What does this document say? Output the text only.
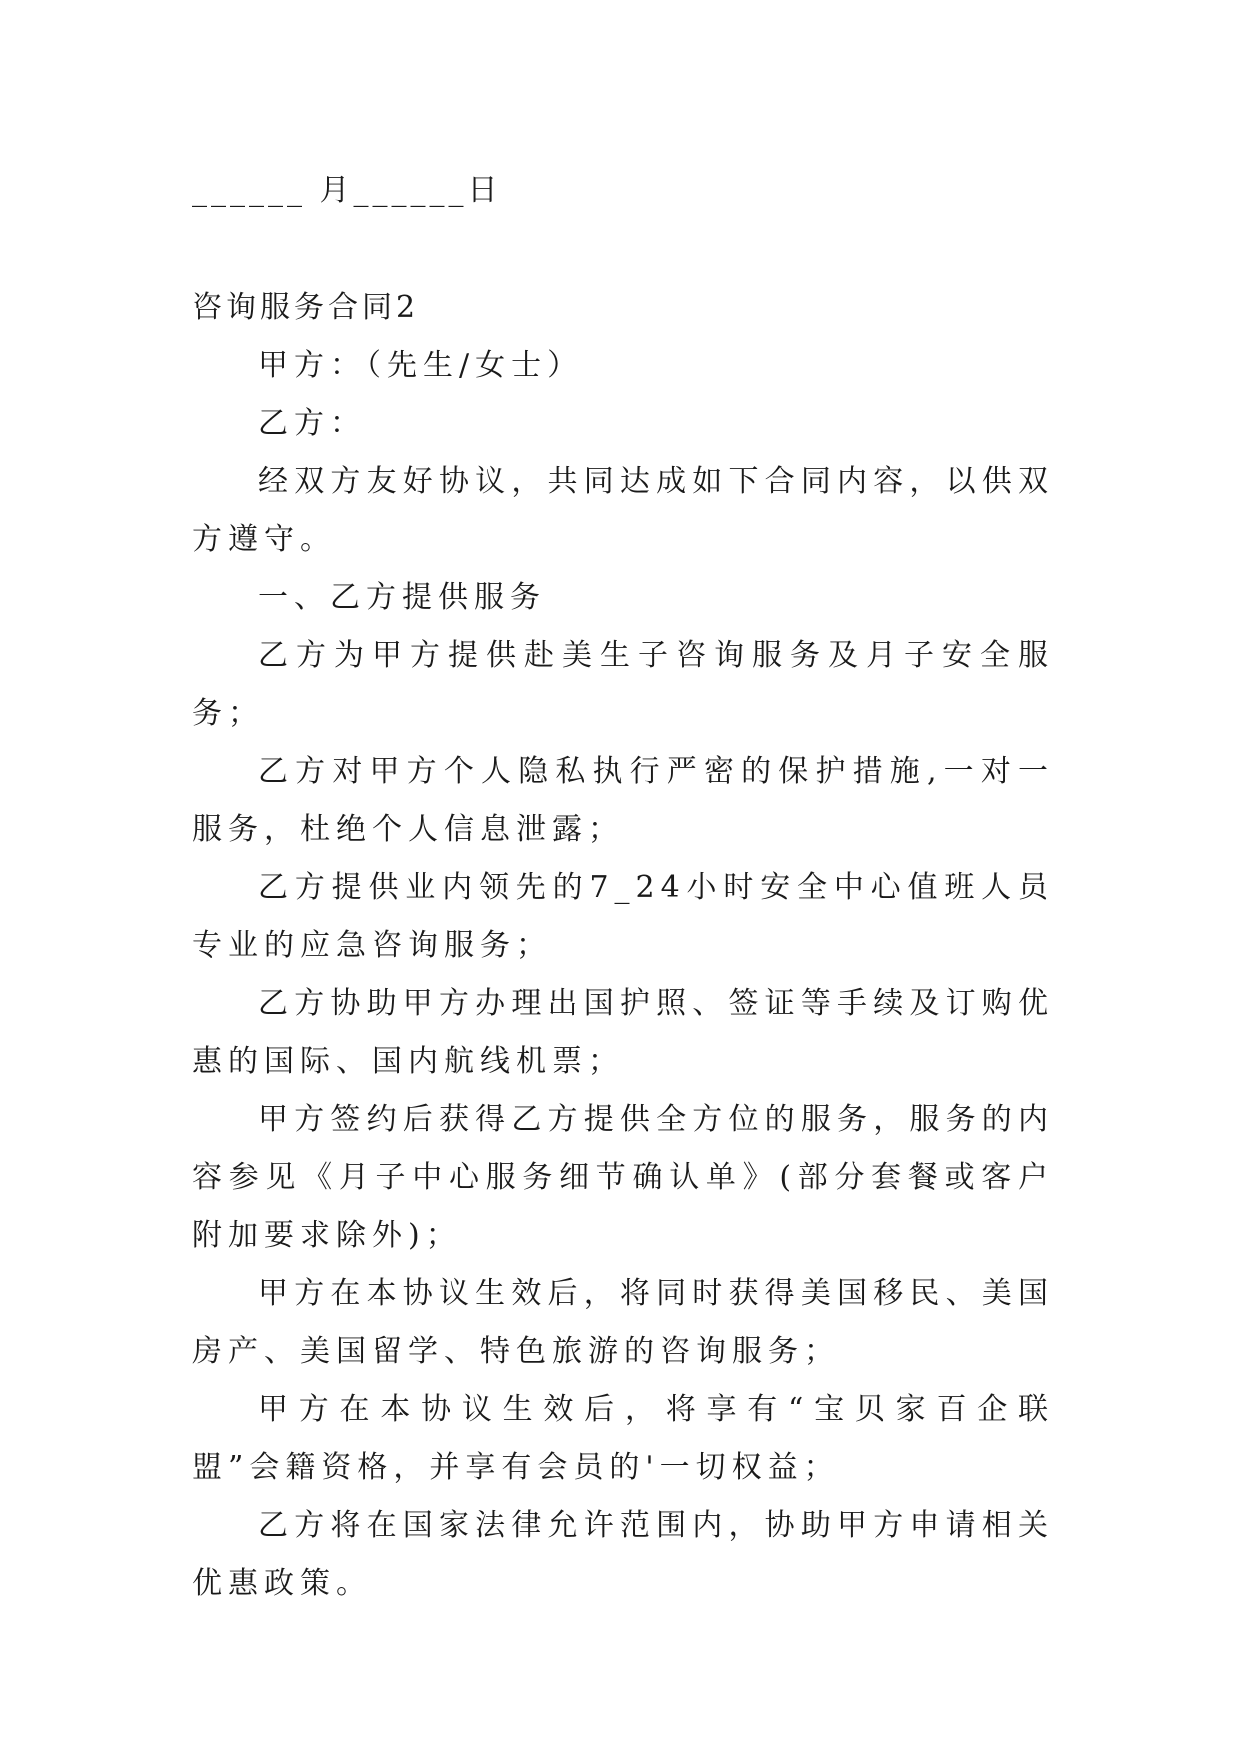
______ 月______日
咨询服务合同2

甲方：（先生/女士）

乙方：

经双方友好协议，共同达成如下合同内容，以供双方遵守。

一、乙方提供服务

乙方为甲方提供赴美生子咨询服务及月子安全服务；

乙方对甲方个人隐私执行严密的保护措施,一对一服务，杜绝个人信息泄露；

乙方提供业内领先的7_24小时安全中心值班人员专业的应急咨询服务；

乙方协助甲方办理出国护照、签证等手续及订购优惠的国际、国内航线机票；

甲方签约后获得乙方提供全方位的服务，服务的内容参见《月子中心服务细节确认单》(部分套餐或客户附加要求除外)；

甲方在本协议生效后，将同时获得美国移民、美国房产、美国留学、特色旅游的咨询服务；

甲方在本协议生效后，将享有“宝贝家百企联盟”会籍资格，并享有会员的'一切权益；

乙方将在国家法律允许范围内，协助甲方申请相关优惠政策。
